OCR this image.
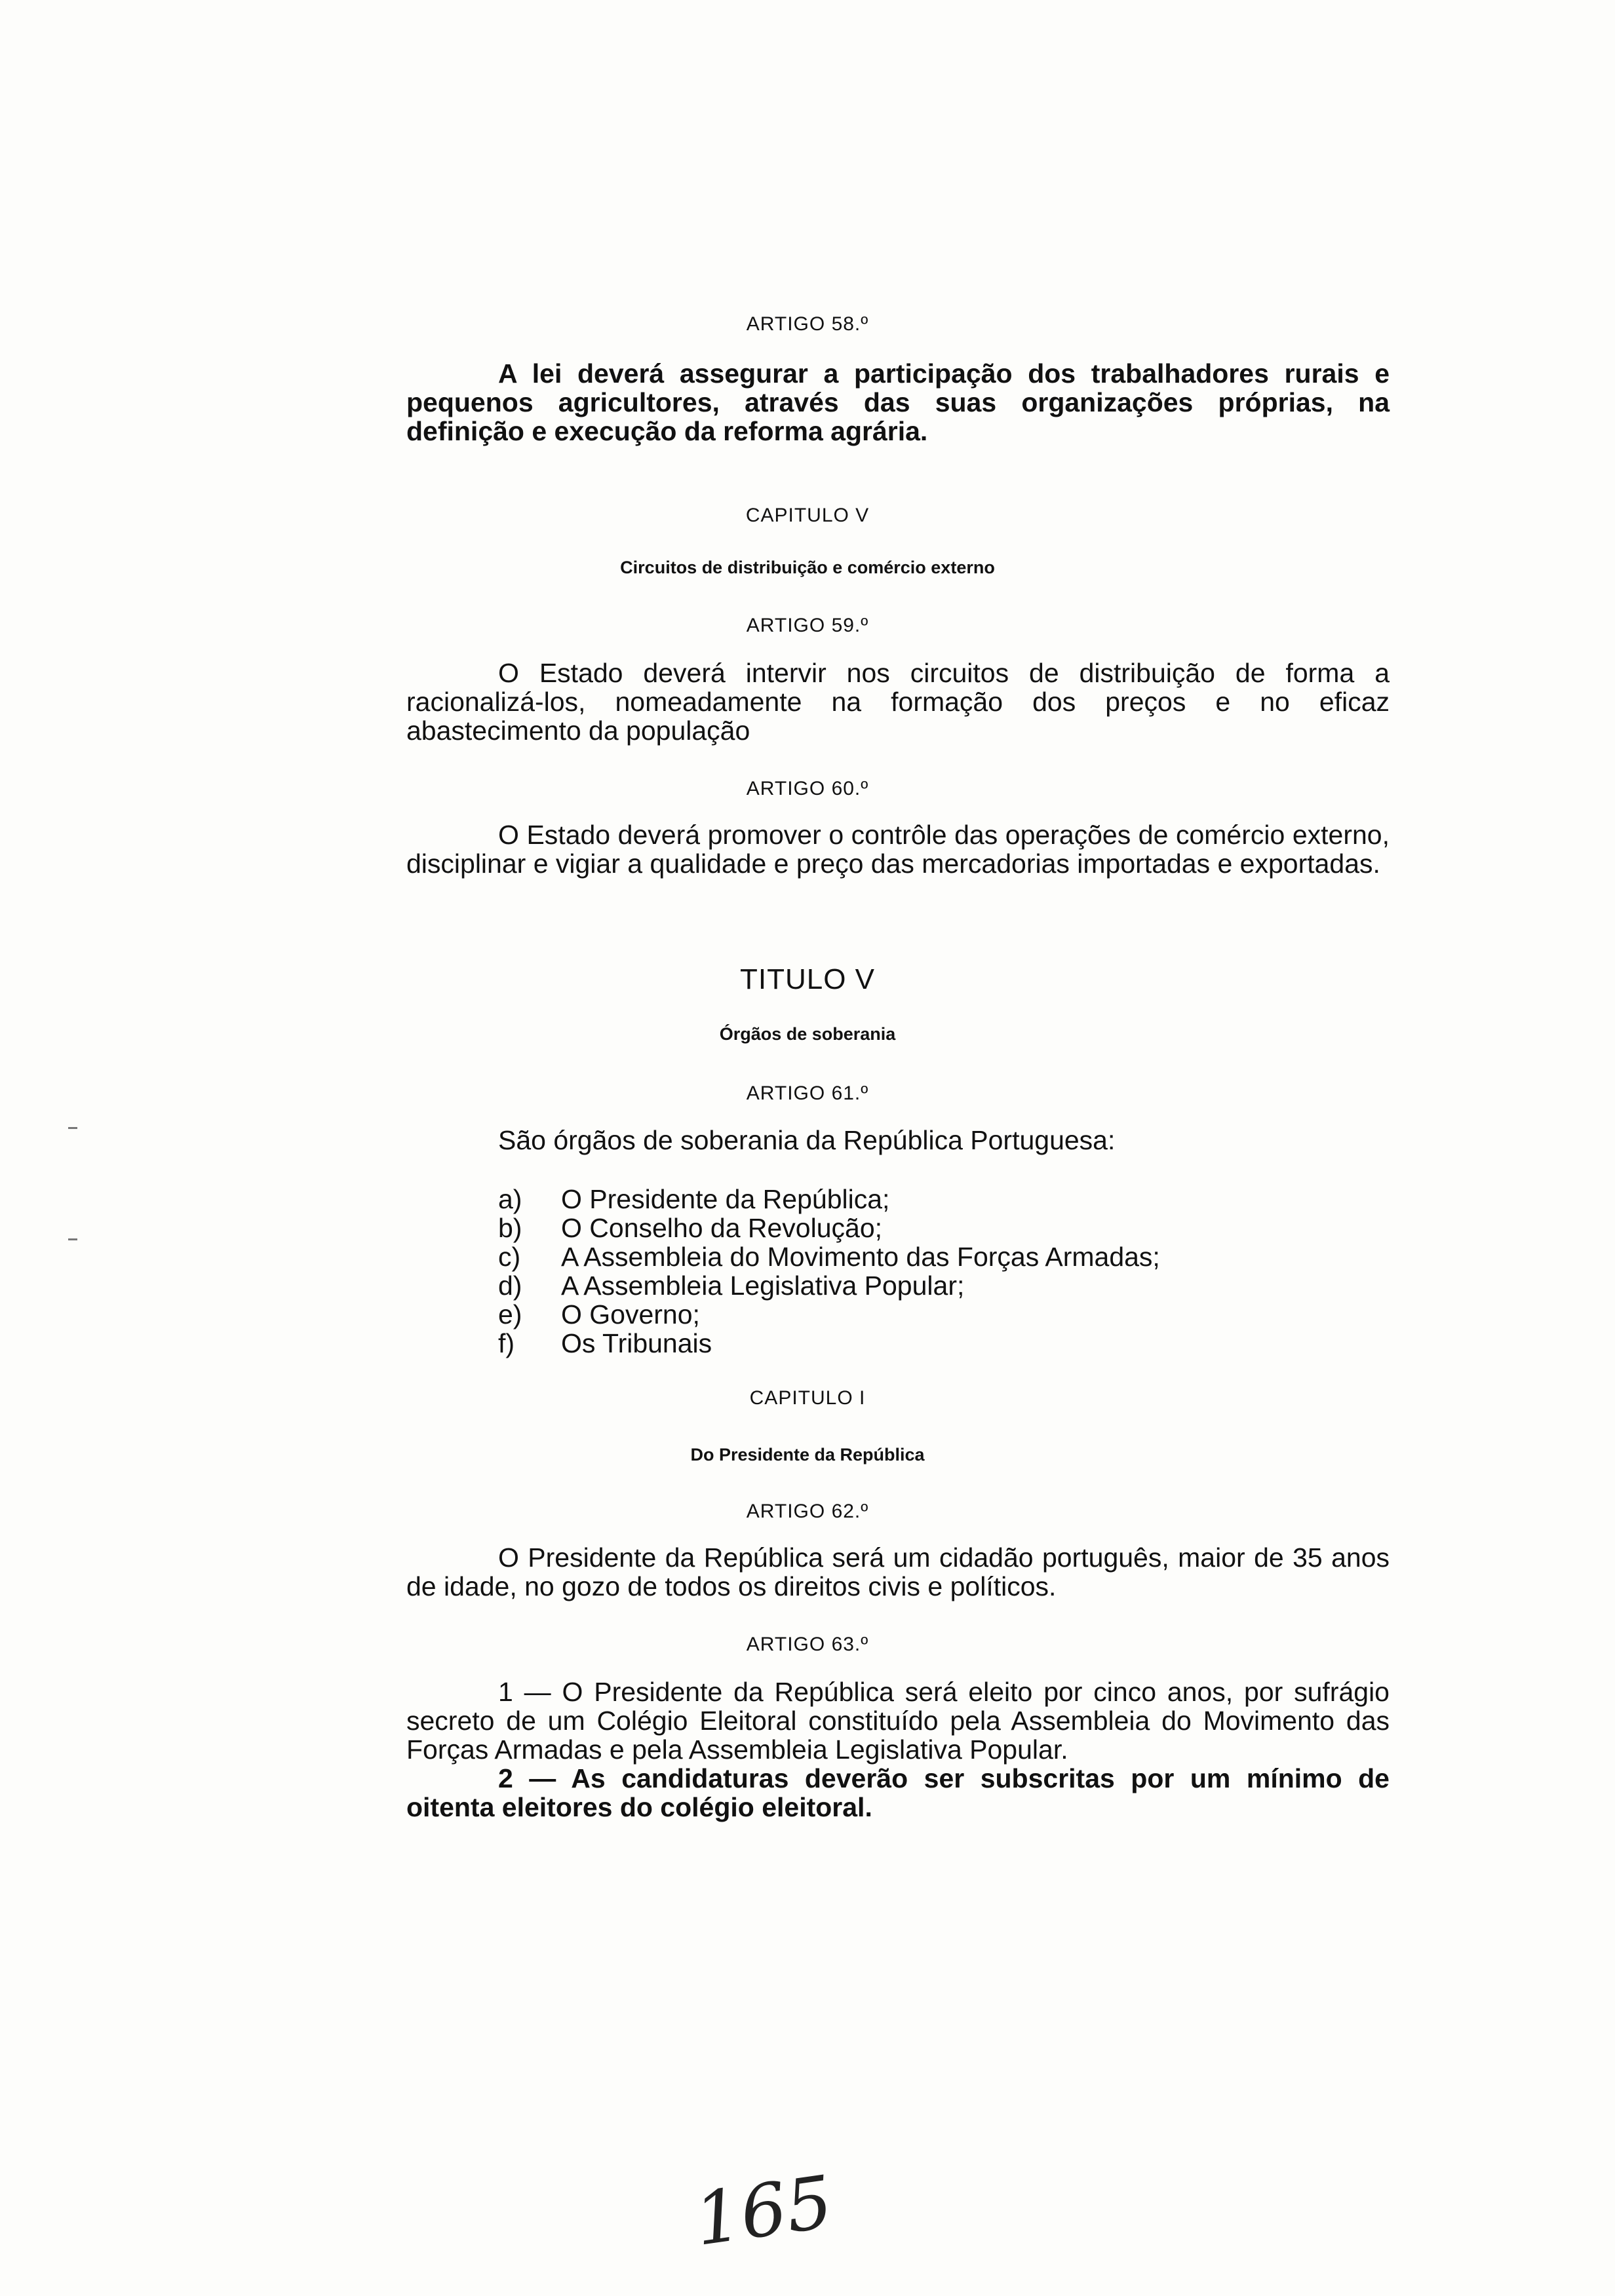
ARTIGO 58.º
A lei deverá assegurar a participação dos trabalhadores rurais e pequenos agricultores, através das suas organizações próprias, na definição e execução da reforma agrária.
CAPITULO V
Circuitos de distribuição e comércio externo
ARTIGO 59.º
O Estado deverá intervir nos circuitos de distribuição de forma a racionalizá-los, nomeadamente na formação dos preços e no eficaz abastecimento da população
ARTIGO 60.º
O Estado deverá promover o contrôle das operações de comércio externo, disciplinar e vigiar a qualidade e preço das mercadorias importadas e exportadas.
TITULO V
Órgãos de soberania
ARTIGO 61.º
São órgãos de soberania da República Portuguesa:
a)	O Presidente da República;
b)	O Conselho da Revolução;
c)	A Assembleia do Movimento das Forças Armadas;
d)	A Assembleia Legislativa Popular;
e)	O Governo;
f)	Os Tribunais
CAPITULO I
Do Presidente da República
ARTIGO 62.º
O Presidente da República será um cidadão português, maior de 35 anos de idade, no gozo de todos os direitos civis e políticos.
ARTIGO 63.º
1 — O Presidente da República será eleito por cinco anos, por sufrágio secreto de um Colégio Eleitoral constituído pela Assembleia do Movimento das Forças Armadas e pela Assembleia Legislativa Popular.
2 — As candidaturas deverão ser subscritas por um mínimo de oitenta eleitores do colégio eleitoral.
165
